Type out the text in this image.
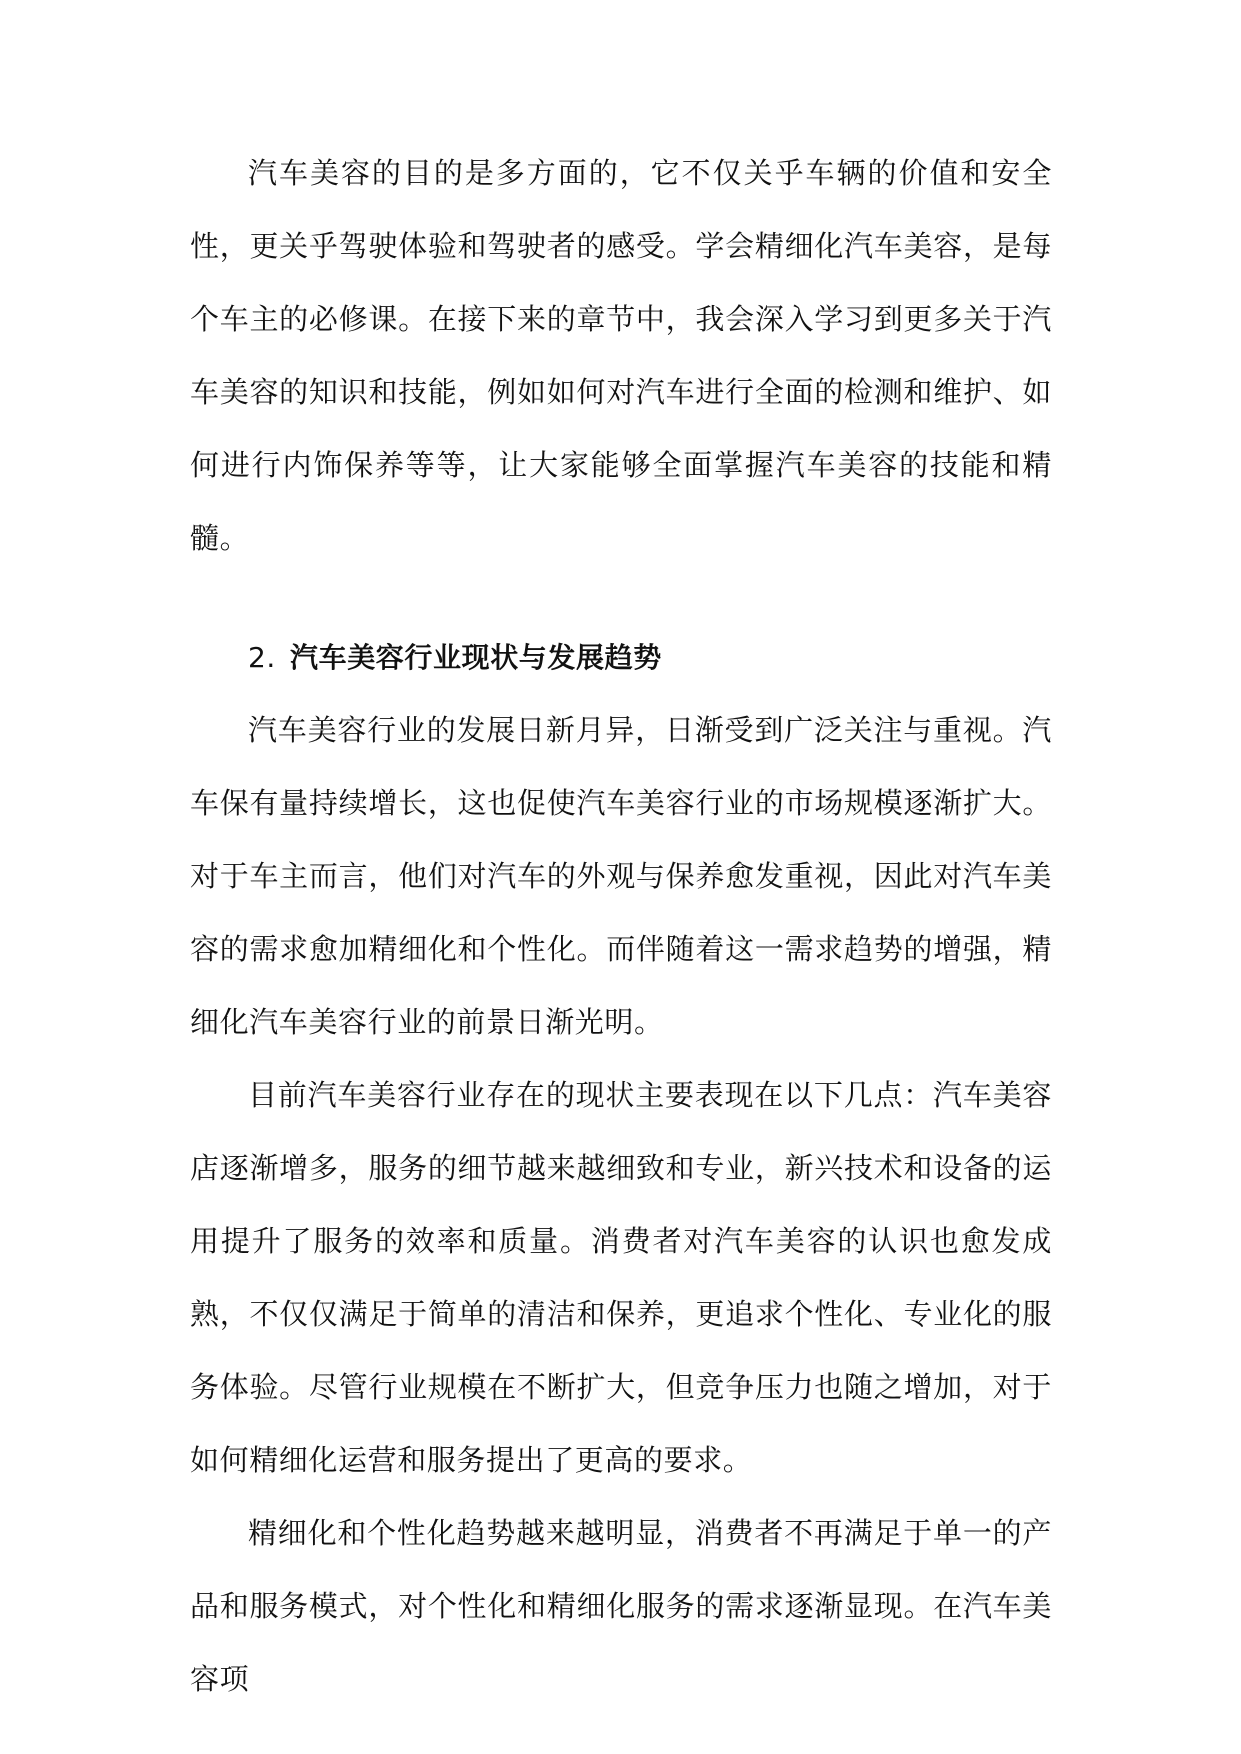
汽车美容的目的是多方面的，它不仅关乎车辆的价值和安全性，更关乎驾驶体验和驾驶者的感受。学会精细化汽车美容，是每个车主的必修课。在接下来的章节中，我会深入学习到更多关于汽车美容的知识和技能，例如如何对汽车进行全面的检测和维护、如何进行内饰保养等等，让大家能够全面掌握汽车美容的技能和精髓。

2. 汽车美容行业现状与发展趋势

汽车美容行业的发展日新月异，日渐受到广泛关注与重视。汽车保有量持续增长，这也促使汽车美容行业的市场规模逐渐扩大。对于车主而言，他们对汽车的外观与保养愈发重视，因此对汽车美容的需求愈加精细化和个性化。而伴随着这一需求趋势的增强，精细化汽车美容行业的前景日渐光明。

目前汽车美容行业存在的现状主要表现在以下几点：汽车美容店逐渐增多，服务的细节越来越细致和专业，新兴技术和设备的运用提升了服务的效率和质量。消费者对汽车美容的认识也愈发成熟，不仅仅满足于简单的清洁和保养，更追求个性化、专业化的服务体验。尽管行业规模在不断扩大，但竞争压力也随之增加，对于如何精细化运营和服务提出了更高的要求。

精细化和个性化趋势越来越明显，消费者不再满足于单一的产品和服务模式，对个性化和精细化服务的需求逐渐显现。在汽车美容项
